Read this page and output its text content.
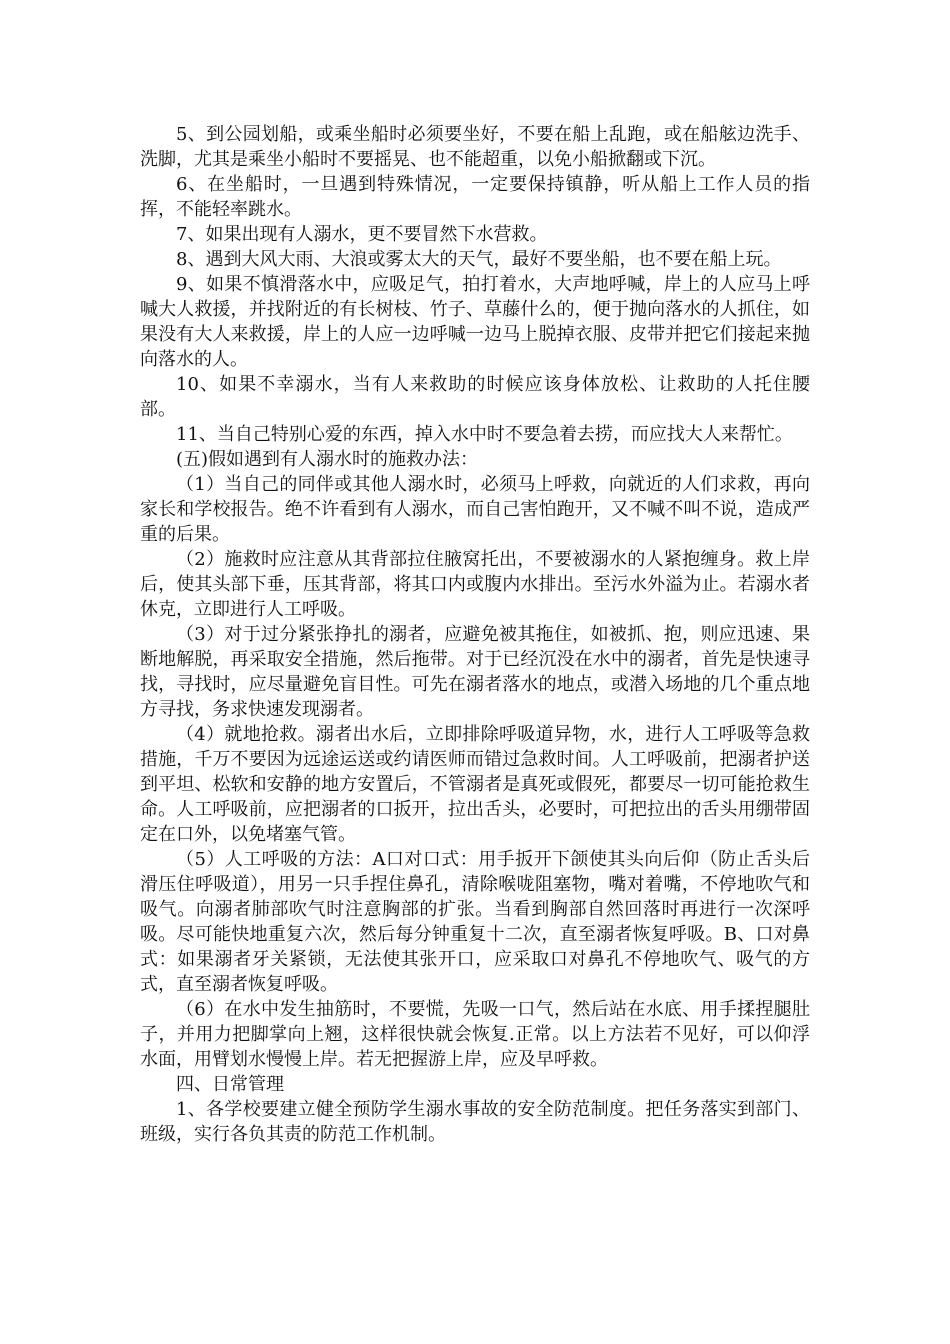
5、到公园划船，或乘坐船时必须要坐好，不要在船上乱跑，或在船舷边洗手、洗脚，尤其是乘坐小船时不要摇晃、也不能超重，以免小船掀翻或下沉。

6、在坐船时，一旦遇到特殊情况，一定要保持镇静，听从船上工作人员的指挥，不能轻率跳水。

7、如果出现有人溺水，更不要冒然下水营救。

8、遇到大风大雨、大浪或雾太大的天气，最好不要坐船，也不要在船上玩。

9、如果不慎滑落水中，应吸足气，拍打着水，大声地呼喊，岸上的人应马上呼喊大人救援，并找附近的有长树枝、竹子、草藤什么的，便于抛向落水的人抓住，如果没有大人来救援，岸上的人应一边呼喊一边马上脱掉衣服、皮带并把它们接起来抛向落水的人。

10、如果不幸溺水，当有人来救助的时候应该身体放松、让救助的人托住腰部。

11、当自己特别心爱的东西，掉入水中时不要急着去捞，而应找大人来帮忙。

(五)假如遇到有人溺水时的施救办法：

（1）当自己的同伴或其他人溺水时，必须马上呼救，向就近的人们求救，再向家长和学校报告。绝不许看到有人溺水，而自己害怕跑开，又不喊不叫不说，造成严重的后果。

（2）施救时应注意从其背部拉住腋窝托出，不要被溺水的人紧抱缠身。救上岸后，使其头部下垂，压其背部，将其口内或腹内水排出。至污水外溢为止。若溺水者休克，立即进行人工呼吸。

（3）对于过分紧张挣扎的溺者，应避免被其拖住，如被抓、抱，则应迅速、果断地解脱，再采取安全措施，然后拖带。对于已经沉没在水中的溺者，首先是快速寻找，寻找时，应尽量避免盲目性。可先在溺者落水的地点，或潜入场地的几个重点地方寻找，务求快速发现溺者。

（4）就地抢救。溺者出水后，立即排除呼吸道异物，水，进行人工呼吸等急救措施，千万不要因为远途运送或约请医师而错过急救时间。人工呼吸前，把溺者护送到平坦、松软和安静的地方安置后，不管溺者是真死或假死，都要尽一切可能抢救生命。人工呼吸前，应把溺者的口扳开，拉出舌头，必要时，可把拉出的舌头用绷带固定在口外，以免堵塞气管。

（5）人工呼吸的方法：A口对口式：用手扳开下颌使其头向后仰（防止舌头后滑压住呼吸道），用另一只手捏住鼻孔，清除喉咙阻塞物，嘴对着嘴，不停地吹气和吸气。向溺者肺部吹气时注意胸部的扩张。当看到胸部自然回落时再进行一次深呼吸。尽可能快地重复六次，然后每分钟重复十二次，直至溺者恢复呼吸。B、口对鼻式：如果溺者牙关紧锁，无法使其张开口，应采取口对鼻孔不停地吹气、吸气的方式，直至溺者恢复呼吸。

（6）在水中发生抽筋时，不要慌，先吸一口气，然后站在水底、用手揉捏腿肚子，并用力把脚掌向上翘，这样很快就会恢复.正常。以上方法若不见好，可以仰浮水面，用臂划水慢慢上岸。若无把握游上岸，应及早呼救。

四、日常管理

1、各学校要建立健全预防学生溺水事故的安全防范制度。把任务落实到部门、班级，实行各负其责的防范工作机制。
